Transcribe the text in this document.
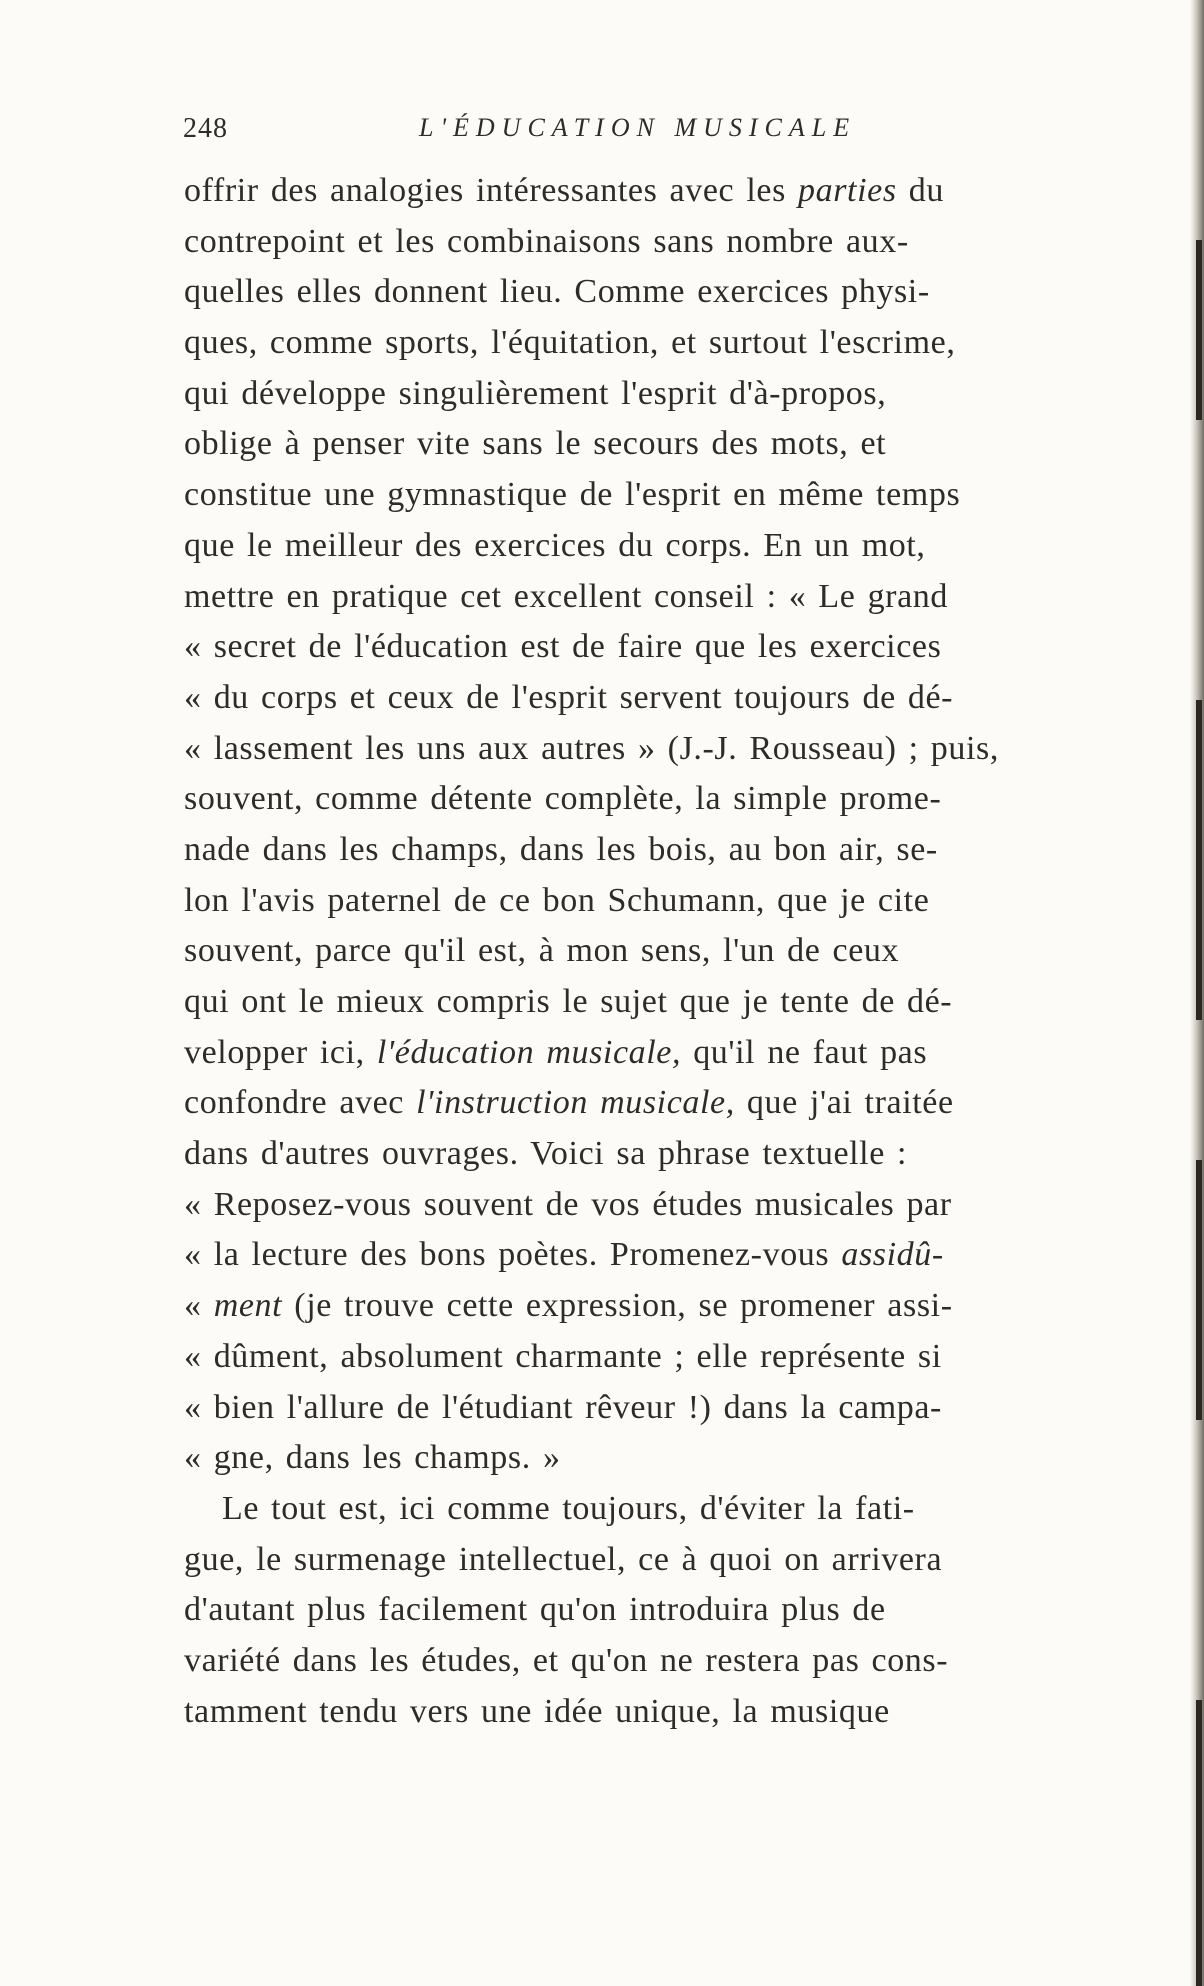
248	L'ÉDUCATION MUSICALE
offrir des analogies intéressantes avec les parties du
contrepoint et les combinaisons sans nombre aux-
quelles elles donnent lieu. Comme exercices physi-
ques, comme sports, l'équitation, et surtout l'escrime,
qui développe singulièrement l'esprit d'à-propos,
oblige à penser vite sans le secours des mots, et
constitue une gymnastique de l'esprit en même temps
que le meilleur des exercices du corps. En un mot,
mettre en pratique cet excellent conseil : « Le grand
« secret de l'éducation est de faire que les exercices
« du corps et ceux de l'esprit servent toujours de dé-
« lassement les uns aux autres » (J.-J. Rousseau) ; puis,
souvent, comme détente complète, la simple prome-
nade dans les champs, dans les bois, au bon air, se-
lon l'avis paternel de ce bon Schumann, que je cite
souvent, parce qu'il est, à mon sens, l'un de ceux
qui ont le mieux compris le sujet que je tente de dé-
velopper ici, l'éducation musicale, qu'il ne faut pas
confondre avec l'instruction musicale, que j'ai traitée
dans d'autres ouvrages. Voici sa phrase textuelle :
« Reposez-vous souvent de vos études musicales par
« la lecture des bons poètes. Promenez-vous assidû-
« ment (je trouve cette expression, se promener assi-
« dûment, absolument charmante ; elle représente si
« bien l'allure de l'étudiant rêveur !) dans la campa-
« gne, dans les champs. »
Le tout est, ici comme toujours, d'éviter la fati-
gue, le surmenage intellectuel, ce à quoi on arrivera
d'autant plus facilement qu'on introduira plus de
variété dans les études, et qu'on ne restera pas cons-
tamment tendu vers une idée unique, la musique
